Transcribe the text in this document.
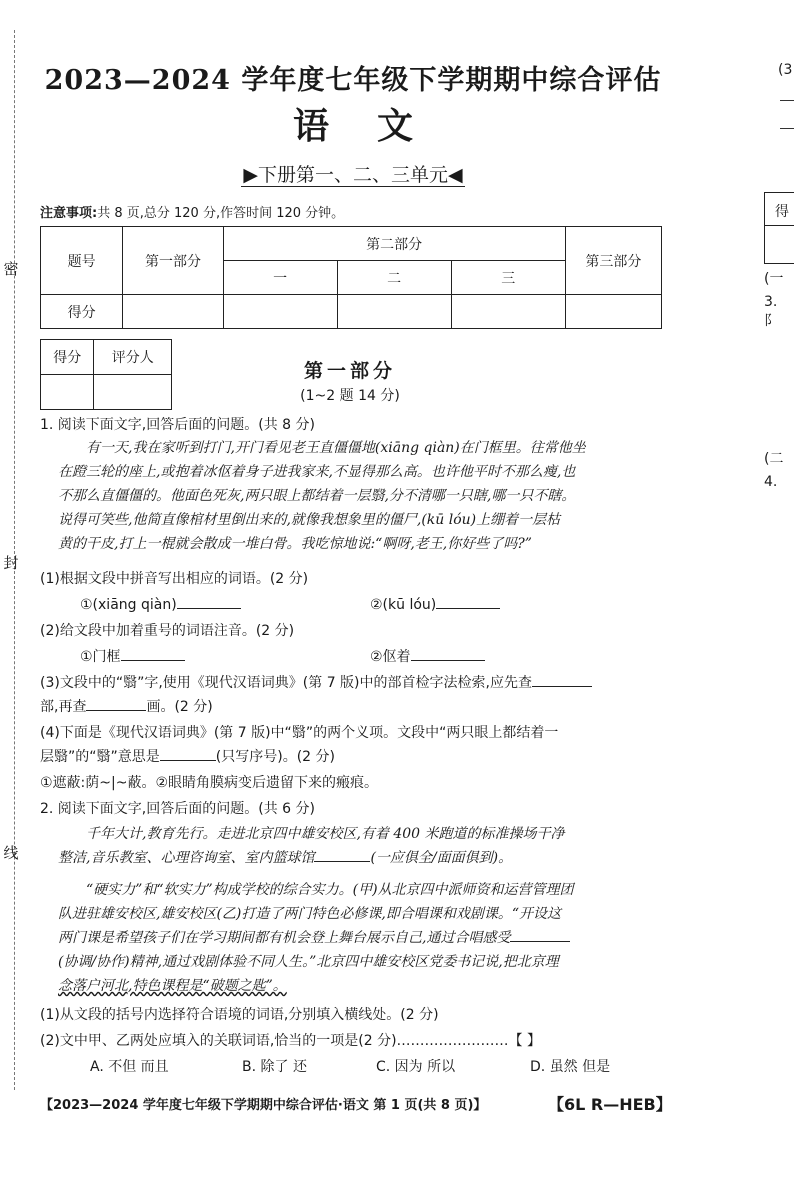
密
封
线
(3
得
(一
3. 阝
(二
4.
2023—2024 学年度七年级下学期期中综合评估
语文
▶下册第一、二、三单元◀
注意事项:共 8 页,总分 120 分,作答时间 120 分钟。
题号	第一部分	第二部分			第三部分
		一	二	三	
得分					
得分	评分人

第一部分
(1~2 题 14 分)
1. 阅读下面文字,回答后面的问题。(共 8 分)
有一天,我在家听到打门,开门看见老王直僵僵地(xiāng qiàn)在门框里。往常他坐
在蹬三轮的座上,或抱着冰伛着身子进我家来,不显得那么高。也许他平时不那么瘦,也
不那么直僵僵的。他面色死灰,两只眼上都结着一层翳,分不清哪一只瞎,哪一只不瞎。
说得可笑些,他简直像棺材里倒出来的,就像我想象里的僵尸,(kū lóu)上绷着一层枯
黄的干皮,打上一棍就会散成一堆白骨。我吃惊地说:“啊呀,老王,你好些了吗?”
(1)根据文段中拼音写出相应的词语。(2 分)
①(xiāng qiàn)	②(kū lóu)
(2)给文段中加着重号的词语注音。(2 分)
①门框	②伛着
(3)文段中的“翳”字,使用《现代汉语词典》(第 7 版)中的部首检字法检索,应先查
部,再查	画。(2 分)
(4)下面是《现代汉语词典》(第 7 版)中“翳”的两个义项。文段中“两只眼上都结着一
层翳”的“翳”意思是	(只写序号)。(2 分)
①遮蔽:荫~|~蔽。②眼睛角膜病变后遗留下来的瘢痕。
2. 阅读下面文字,回答后面的问题。(共 6 分)
千年大计,教育先行。走进北京四中雄安校区,有着 400 米跑道的标准操场干净
整洁,音乐教室、心理咨询室、室内篮球馆	(一应俱全/面面俱到)。
“硬实力”和“软实力”构成学校的综合实力。(甲)从北京四中派师资和运营管理团
队进驻雄安校区,雄安校区(乙)打造了两门特色必修课,即合唱课和戏剧课。“开设这
两门课是希望孩子们在学习期间都有机会登上舞台展示自己,通过合唱感受
(协调/协作)精神,通过戏剧体验不同人生。”北京四中雄安校区党委书记说,把北京理
念落户河北,特色课程是“破题之匙”。
(1)从文段的括号内选择符合语境的词语,分别填入横线处。(2 分)
(2)文中甲、乙两处应填入的关联词语,恰当的一项是(2 分)……………………【 】
A. 不但 而且	B. 除了 还	C. 因为 所以	D. 虽然 但是
【2023—2024 学年度七年级下学期期中综合评估·语文 第 1 页(共 8 页)】	【6L R—HEB】
